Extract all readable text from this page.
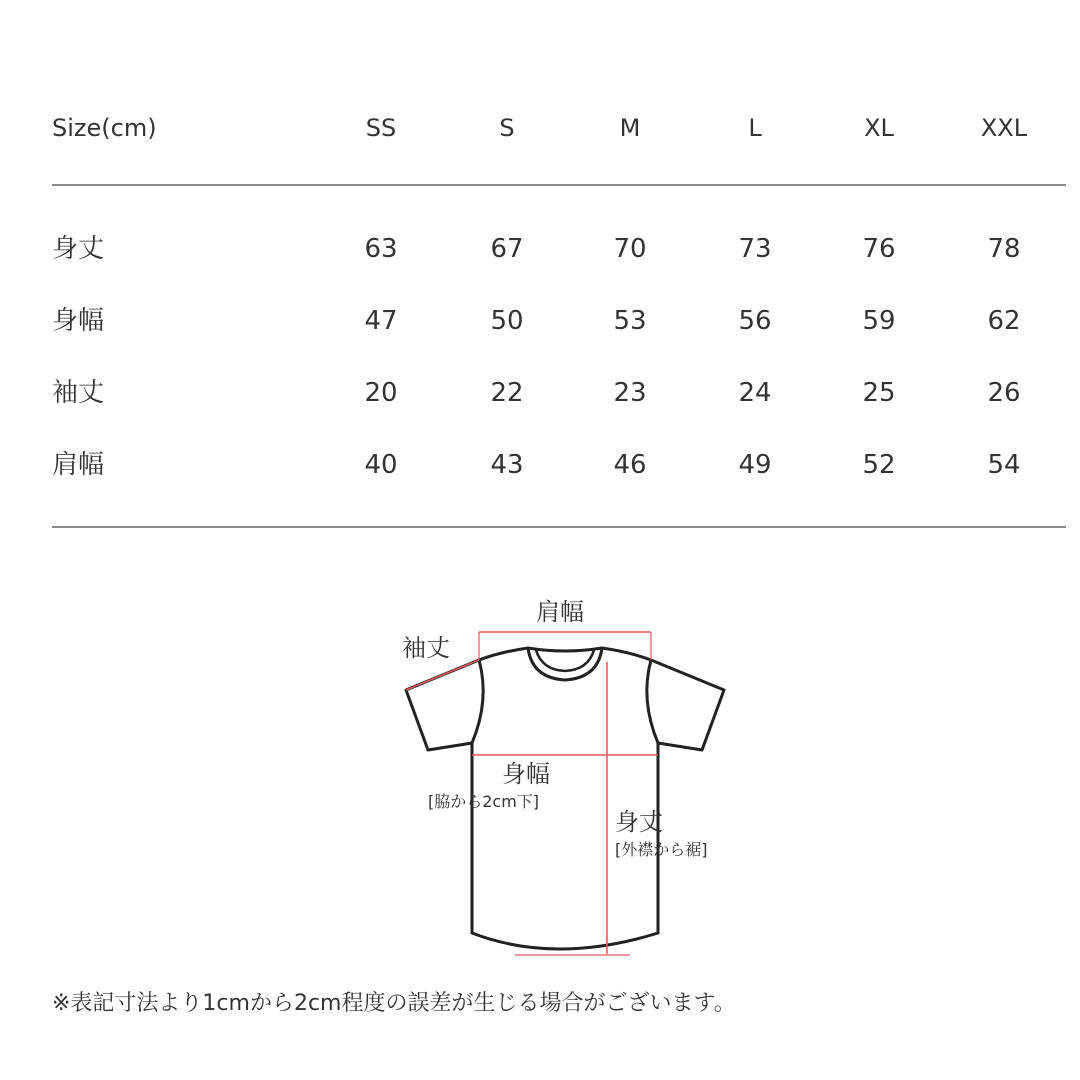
Size(cm)	SS	S	M	L	XL	XXL
身丈	63	67	70	73	76	78
身幅	47	50	53	56	59	62
袖丈	20	22	23	24	25	26
肩幅	40	43	46	49	52	54
肩幅
袖丈
身幅
[脇から2cm下]
身丈
[外襟から裾]
※表記寸法より1cmから2cm程度の誤差が生じる場合がございます。
